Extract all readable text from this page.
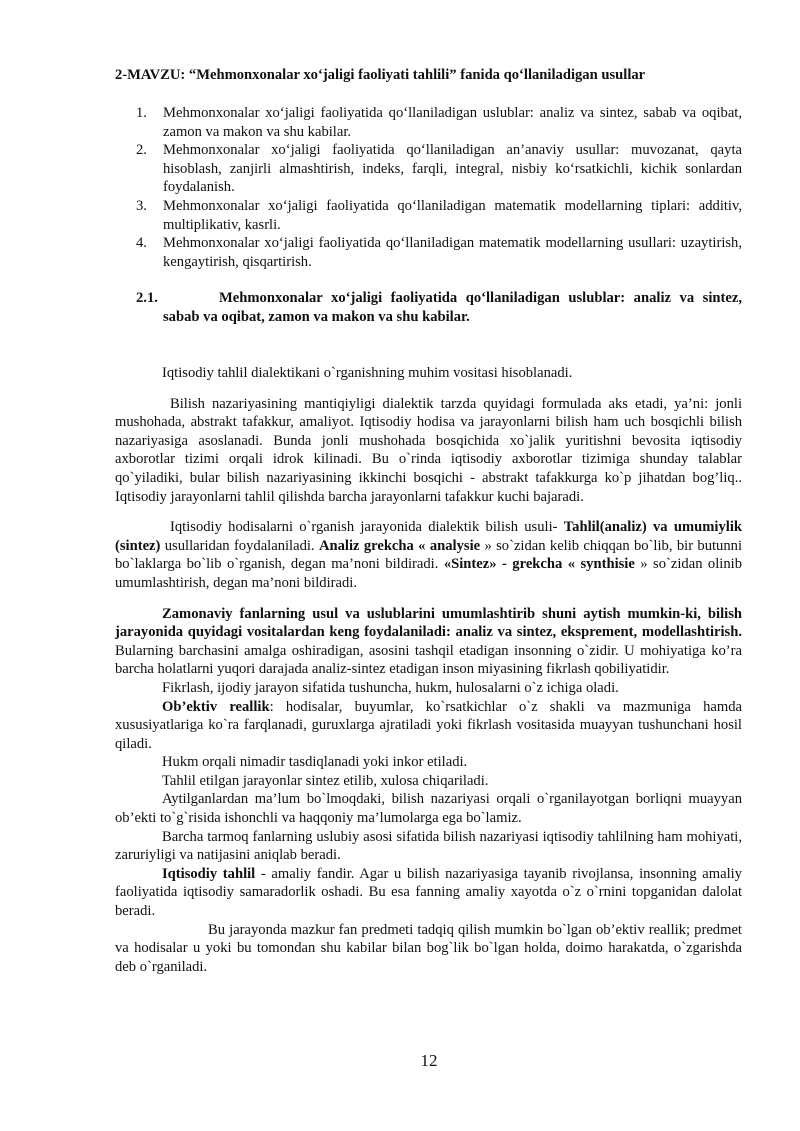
2-MAVZU: “Mehmonxonalar xo‘jaligi faoliyati tahlili” fanida qo‘llaniladigan usullar
1. Mehmonxonalar xo‘jaligi faoliyatida qo‘llaniladigan uslublar: analiz va sintez, sabab va oqibat, zamon va makon va shu kabilar.
2. Mehmonxonalar xo‘jaligi faoliyatida qo‘llaniladigan an’anaviy usullar: muvozanat, qayta hisoblash, zanjirli almashtirish, indeks, farqli, integral, nisbiy ko‘rsatkichli, kichik sonlardan foydalanish.
3. Mehmonxonalar xo‘jaligi faoliyatida qo‘llaniladigan matematik modellarning tiplari: additiv, multiplikativ, kasrli.
4. Mehmonxonalar xo‘jaligi faoliyatida qo‘llaniladigan matematik modellarning usullari: uzaytirish, kengaytirish, qisqartirish.
2.1.	Mehmonxonalar xo‘jaligi faoliyatida qo‘llaniladigan uslublar: analiz va sintez, sabab va oqibat, zamon va makon va shu kabilar.

Iqtisodiy tahlil dialektikani o`rganishning muhim vositasi hisoblanadi.

Bilish nazariyasining mantiqiyligi dialektik tarzda quyidagi formulada aks etadi, ya’ni: jonli mushohada, abstrakt tafakkur, amaliyot. Iqtisodiy hodisa va jarayonlarni bilish ham uch bosqichli bilish nazariyasiga asoslanadi. Bunda jonli mushohada bosqichida xo`jalik yuritishni bevosita iqtisodiy axborotlar tizimi orqali idrok kilinadi. Bu o`rinda iqtisodiy axborotlar tizimiga shunday talablar qo`yiladiki, bular bilish nazariyasining ikkinchi bosqichi - abstrakt tafakkurga ko`p jihatdan bog’liq.. Iqtisodiy jarayonlarni tahlil qilishda barcha jarayonlarni tafakkur kuchi bajaradi.

Iqtisodiy hodisalarni o`rganish jarayonida dialektik bilish usuli- Tahlil(analiz) va umumiylik (sintez) usullaridan foydalaniladi. Analiz grekcha « analysie » so`zidan kelib chiqqan bo`lib, bir butunni bo`laklarga bo`lib o`rganish, degan ma’noni bildiradi. «Sintez» - grekcha « synthisie » so`zidan olinib umumlashtirish, degan ma’noni bildiradi.

Zamonaviy fanlarning usul va uslublarini umumlashtirib shuni aytish mumkin-ki, bilish jarayonida quyidagi vositalardan keng foydalaniladi: analiz va sintez, eksprement, modellashtirish. Bularning barchasini amalga oshiradigan, asosini tashqil etadigan insonning o`zidir. U mohiyatiga ko’ra barcha holatlarni yuqori darajada analiz-sintez etadigan inson miyasining fikrlash qobiliyatidir.

Fikrlash, ijodiy jarayon sifatida tushuncha, hukm, hulosalarni o`z ichiga oladi.

Ob’ektiv reallik: hodisalar, buyumlar, ko`rsatkichlar o`z shakli va mazmuniga hamda xususiyatlariga ko`ra farqlanadi, guruxlarga ajratiladi yoki fikrlash vositasida muayyan tushunchani hosil qiladi.

Hukm orqali nimadir tasdiqlanadi yoki inkor etiladi.

Tahlil etilgan jarayonlar sintez etilib, xulosa chiqariladi.

Aytilganlardan ma’lum bo`lmoqdaki, bilish nazariyasi orqali o`rganilayotgan borliqni muayyan ob’ekti to`g`risida ishonchli va haqqoniy ma’lumolarga ega bo`lamiz.

Barcha tarmoq fanlarning uslubiy asosi sifatida bilish nazariyasi iqtisodiy tahlilning ham mohiyati, zaruriyligi va natijasini aniqlab beradi.

Iqtisodiy tahlil - amaliy fandir. Agar u bilish nazariyasiga tayanib rivojlansa, insonning amaliy faoliyatida iqtisodiy samaradorlik oshadi. Bu esa fanning amaliy xayotda o`z o`rnini topganidan dalolat beradi.

Bu jarayonda mazkur fan predmeti tadqiq qilish mumkin bo`lgan ob’ektiv reallik; predmet va hodisalar u yoki bu tomondan shu kabilar bilan bog`lik bo`lgan holda, doimo harakatda, o`zgarishda deb o`rganiladi.

12
